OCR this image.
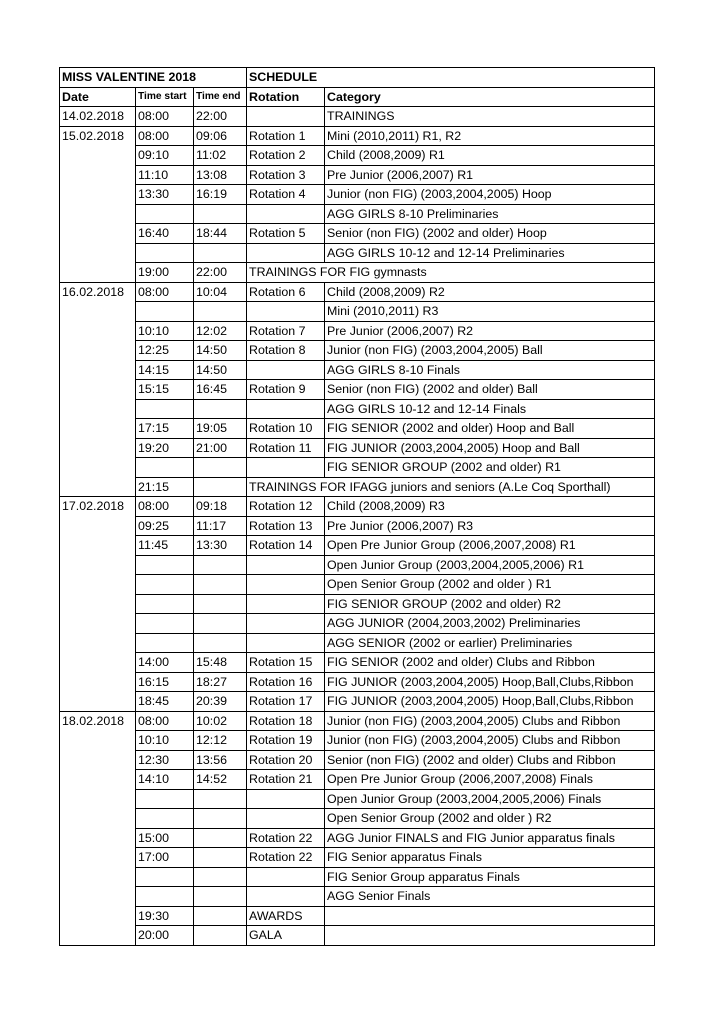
MISS VALENTINE 2018			SCHEDULE	
Date	Time start	Time end	Rotation	Category
14.02.2018	08:00	22:00		TRAININGS
15.02.2018	08:00	09:06	Rotation 1	Mini (2010,2011) R1, R2
	09:10	11:02	Rotation 2	Child (2008,2009) R1
	11:10	13:08	Rotation 3	Pre Junior (2006,2007) R1
	13:30	16:19	Rotation 4	Junior (non FIG) (2003,2004,2005) Hoop
				AGG GIRLS 8-10 Preliminaries
	16:40	18:44	Rotation 5	Senior (non FIG) (2002 and older) Hoop
				AGG GIRLS 10-12 and 12-14 Preliminaries
	19:00	22:00	TRAININGS FOR FIG gymnasts	
16.02.2018	08:00	10:04	Rotation 6	Child (2008,2009) R2
				Mini (2010,2011) R3
	10:10	12:02	Rotation 7	Pre Junior (2006,2007) R2
	12:25	14:50	Rotation 8	Junior (non FIG) (2003,2004,2005) Ball
	14:15	14:50		AGG GIRLS 8-10 Finals
	15:15	16:45	Rotation 9	Senior (non FIG) (2002 and older) Ball
				AGG GIRLS 10-12 and 12-14 Finals
	17:15	19:05	Rotation 10	FIG SENIOR (2002 and older) Hoop and Ball
	19:20	21:00	Rotation 11	FIG JUNIOR (2003,2004,2005) Hoop and Ball
				FIG SENIOR GROUP (2002 and older) R1
	21:15		TRAININGS FOR IFAGG juniors and seniors (A.Le Coq Sporthall)	
17.02.2018	08:00	09:18	Rotation 12	Child (2008,2009) R3
	09:25	11:17	Rotation 13	Pre Junior (2006,2007) R3
	11:45	13:30	Rotation 14	Open Pre Junior Group (2006,2007,2008) R1
				Open Junior Group (2003,2004,2005,2006) R1
				Open Senior Group (2002 and older ) R1
				FIG SENIOR GROUP (2002 and older) R2
				AGG JUNIOR (2004,2003,2002) Preliminaries
				AGG SENIOR (2002 or earlier) Preliminaries
	14:00	15:48	Rotation 15	FIG SENIOR (2002 and older) Clubs and Ribbon
	16:15	18:27	Rotation 16	FIG JUNIOR (2003,2004,2005) Hoop,Ball,Clubs,Ribbon
	18:45	20:39	Rotation 17	FIG JUNIOR (2003,2004,2005) Hoop,Ball,Clubs,Ribbon
18.02.2018	08:00	10:02	Rotation 18	Junior (non FIG) (2003,2004,2005) Clubs and Ribbon
	10:10	12:12	Rotation 19	Junior (non FIG) (2003,2004,2005) Clubs and Ribbon
	12:30	13:56	Rotation 20	Senior (non FIG) (2002 and older) Clubs and Ribbon
	14:10	14:52	Rotation 21	Open Pre Junior Group (2006,2007,2008) Finals
				Open Junior Group (2003,2004,2005,2006) Finals
				Open Senior Group (2002 and older ) R2
	15:00		Rotation 22	AGG Junior FINALS and FIG Junior apparatus finals
	17:00		Rotation 22	FIG Senior apparatus Finals
				FIG Senior Group apparatus Finals
				AGG Senior Finals
	19:30		AWARDS	
	20:00		GALA	
